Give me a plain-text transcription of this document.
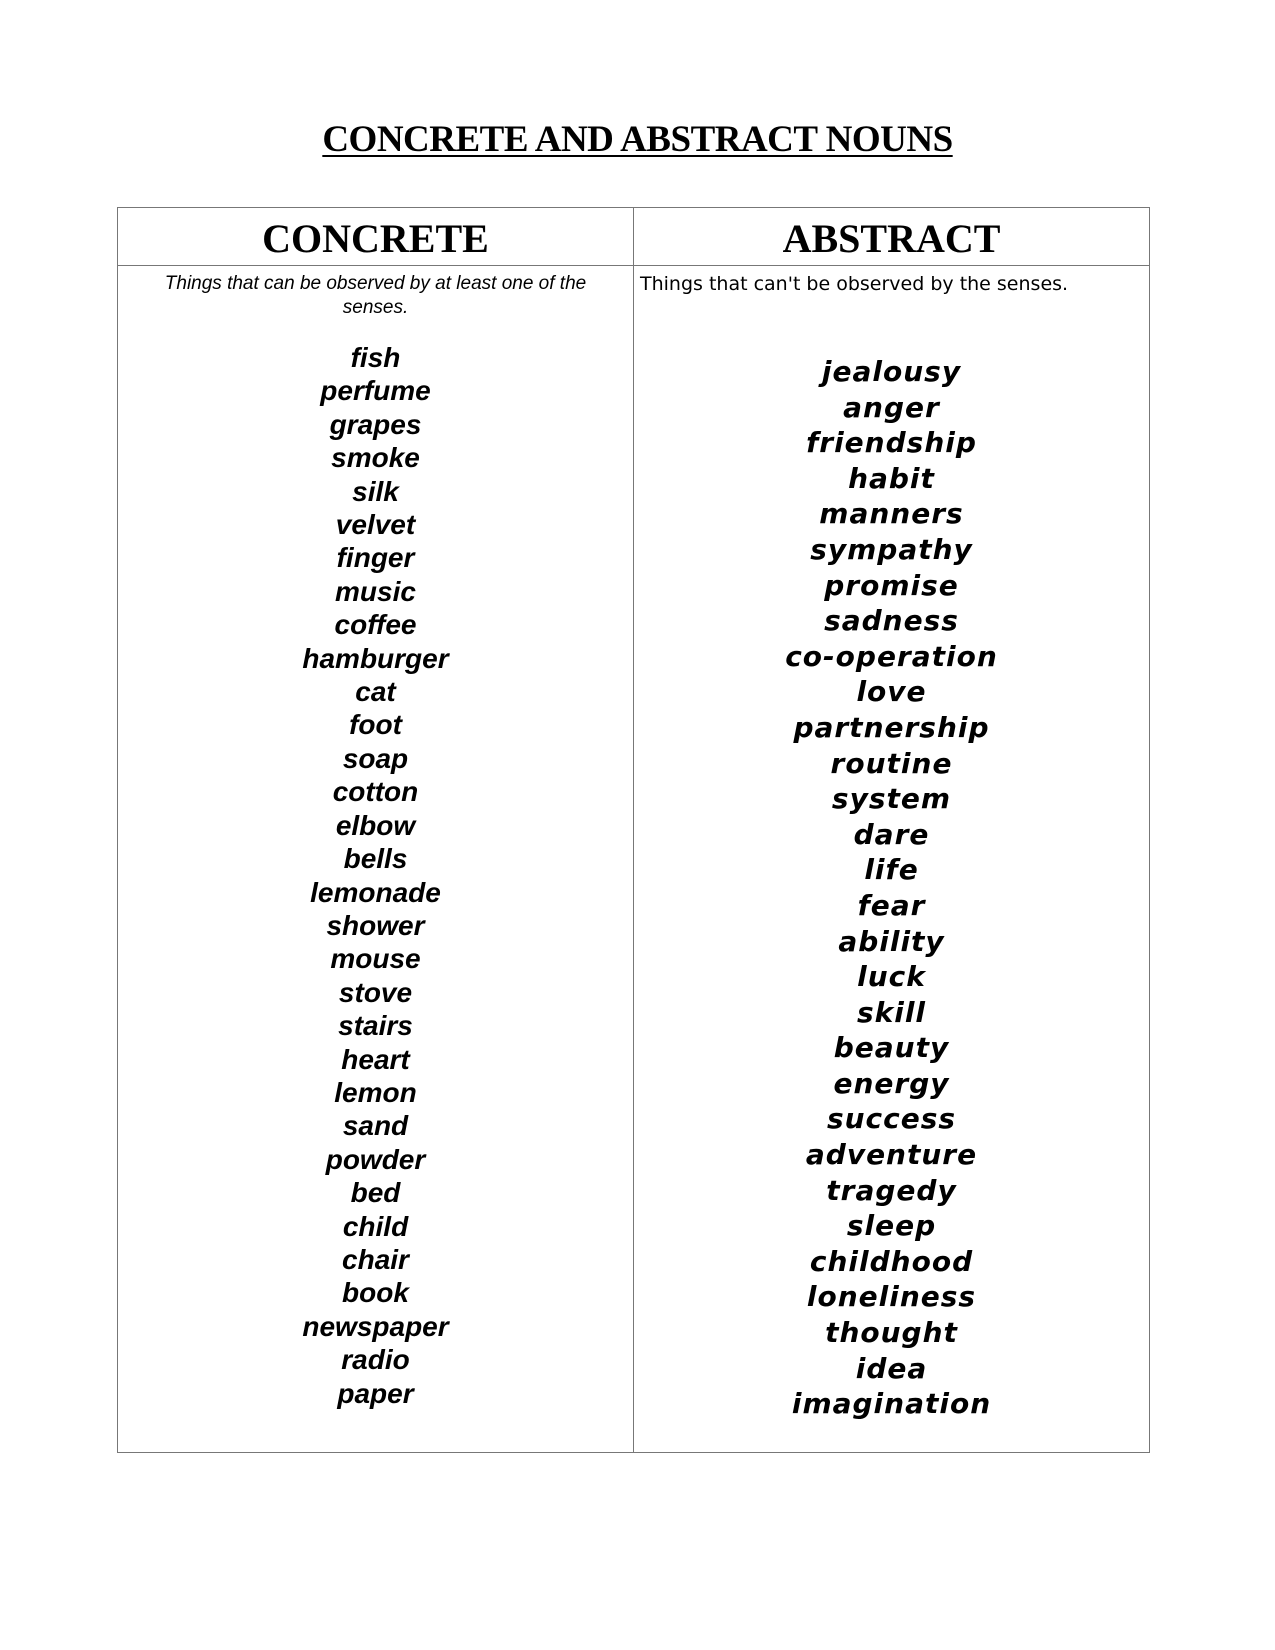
CONCRETE AND ABSTRACT NOUNS
CONCRETE	ABSTRACT
Things that can be observed by at least one of the senses.
Things that can't be observed by the senses.
fish
perfume
grapes
smoke
silk
velvet
finger
music
coffee
hamburger
cat
foot
soap
cotton
elbow
bells
lemonade
shower
mouse
stove
stairs
heart
lemon
sand
powder
bed
child
chair
book
newspaper
radio
paper
jealousy
anger
friendship
habit
manners
sympathy
promise
sadness
co-operation
love
partnership
routine
system
dare
life
fear
ability
luck
skill
beauty
energy
success
adventure
tragedy
sleep
childhood
loneliness
thought
idea
imagination
